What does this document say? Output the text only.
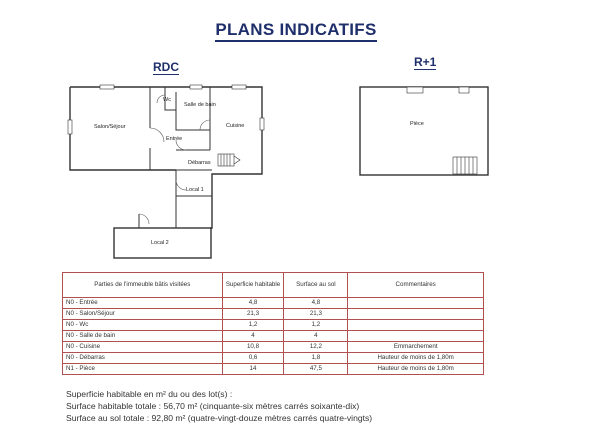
PLANS INDICATIFS
RDC	R+1
Salon/Séjour
Wc
Salle de bain
Entrée
Cuisine
Débarras
Local 1
Local 2
Pièce
Parties de l'immeuble bâtis visitées	Superficie habitable	Surface au sol	Commentaires
N0 - Entrée	4,8	4,8	
N0 - Salon/Séjour	21,3	21,3	
N0 - Wc	1,2	1,2	
N0 - Salle de bain	4	4	
N0 - Cuisine	10,8	12,2	Emmarchement
N0 - Débarras	0,6	1,8	Hauteur de moins de 1,80m
N1 - Pièce	14	47,5	Hauteur de moins de 1,80m
Superficie habitable en m² du ou des lot(s) :
Surface habitable totale : 56,70 m² (cinquante-six mètres carrés soixante-dix)
Surface au sol totale : 92,80 m² (quatre-vingt-douze mètres carrés quatre-vingts)
